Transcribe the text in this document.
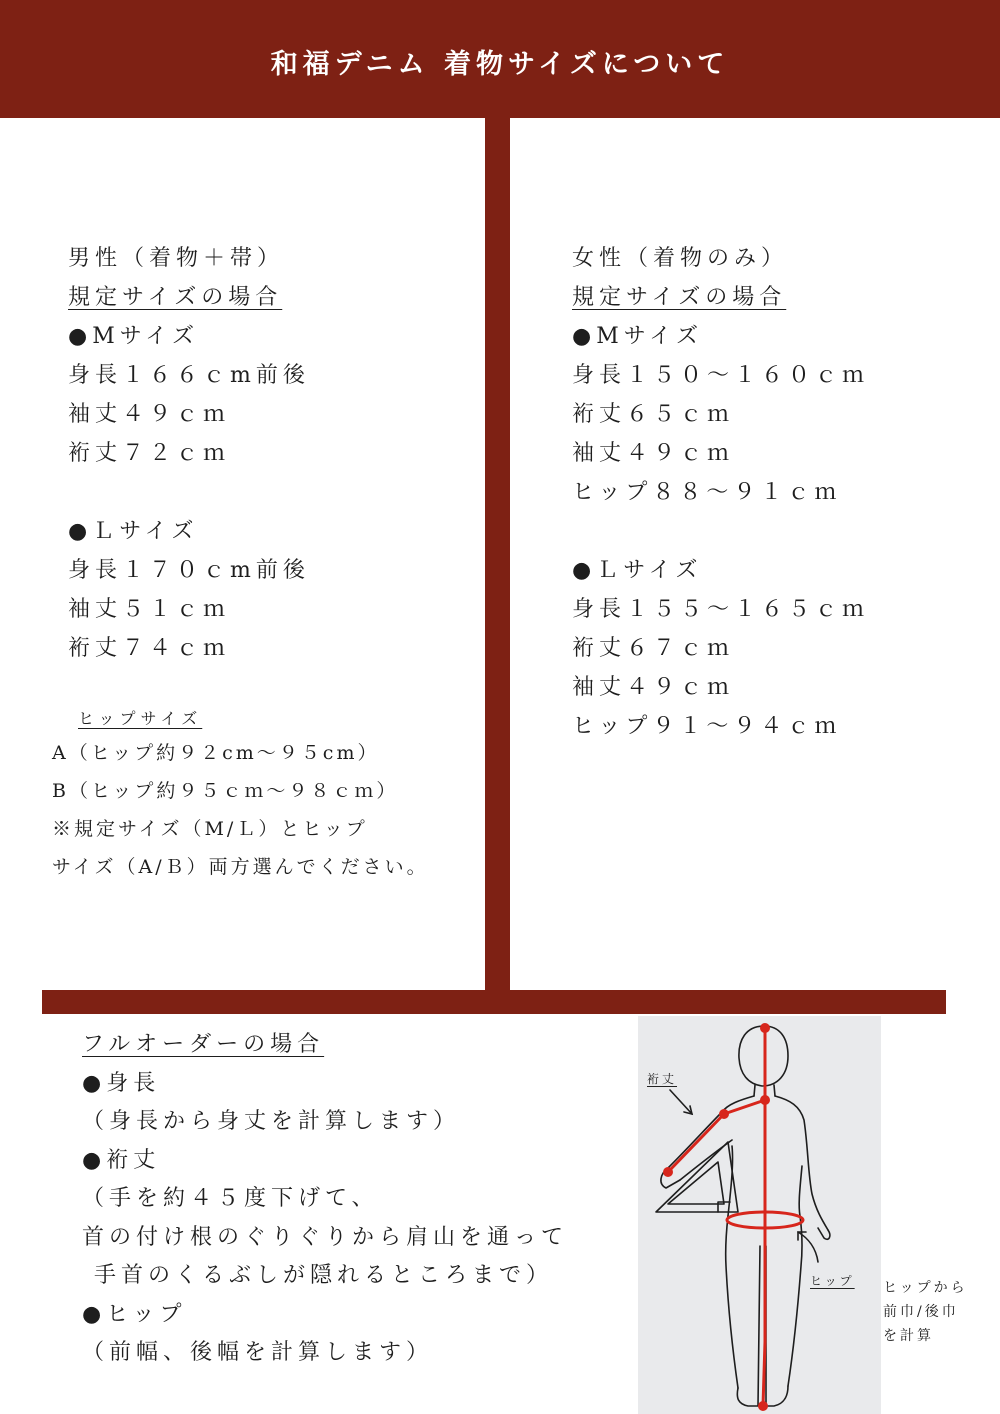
和福デニム 着物サイズについて
男性（着物＋帯）
規定サイズの場合
●Mサイズ
身長１６６ｃm前後
袖丈４９ｃｍ
裄丈７２ｃｍ
●Ｌサイズ
身長１７０ｃm前後
袖丈５１ｃｍ
裄丈７４ｃｍ
ヒップサイズ
A（ヒップ約９２cm～９５cm）
B（ヒップ約９５ｃｍ～９８ｃｍ）
※規定サイズ（M/Ｌ）とヒップ
サイズ（A/Ｂ）両方選んでください。
女性（着物のみ）
規定サイズの場合
●Mサイズ
身長１５０～１６０ｃｍ
裄丈６５ｃｍ
袖丈４９ｃｍ
ヒップ８８～９１ｃｍ
●Ｌサイズ
身長１５５～１６５ｃｍ
裄丈６７ｃｍ
袖丈４９ｃｍ
ヒップ９１～９４ｃｍ
フルオーダーの場合
●身長
（身長から身丈を計算します）
●裄丈
（手を約４５度下げて、
首の付け根のぐりぐりから肩山を通って
手首のくるぶしが隠れるところまで）
●ヒップ
（前幅、後幅を計算します）
裄丈
ヒップ ヒップから
前巾/後巾
を計算
